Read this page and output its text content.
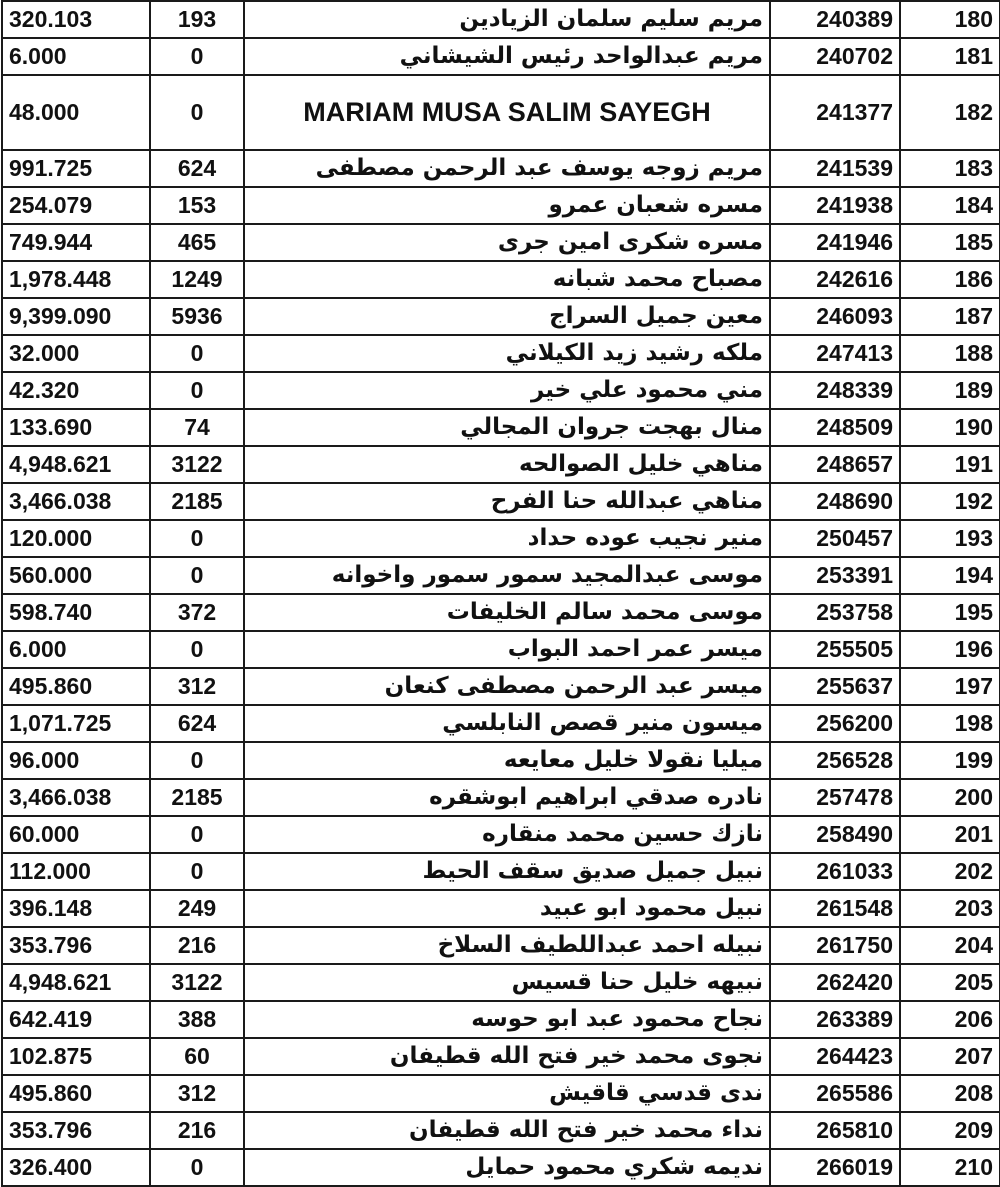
320.103	193	مريم سليم سلمان الزيادين	240389	180
6.000	0	مريم عبدالواحد رئيس الشيشاني	240702	181
48.000	0	MARIAM MUSA SALIM SAYEGH	241377	182
991.725	624	مريم زوجه يوسف عبد الرحمن مصطفى	241539	183
254.079	153	مسره شعبان عمرو	241938	184
749.944	465	مسره شكرى امين جرى	241946	185
1,978.448	1249	مصباح محمد شبانه	242616	186
9,399.090	5936	معين جميل السراج	246093	187
32.000	0	ملكه رشيد زيد الكيلاني	247413	188
42.320	0	مني محمود علي خير	248339	189
133.690	74	منال بهجت جروان المجالي	248509	190
4,948.621	3122	مناهي خليل الصوالحه	248657	191
3,466.038	2185	مناهي عبدالله حنا الفرح	248690	192
120.000	0	منير نجيب عوده حداد	250457	193
560.000	0	موسى عبدالمجيد سمور سمور واخوانه	253391	194
598.740	372	موسى محمد سالم الخليفات	253758	195
6.000	0	ميسر عمر احمد البواب	255505	196
495.860	312	ميسر عبد الرحمن مصطفى كنعان	255637	197
1,071.725	624	ميسون منير قصص النابلسي	256200	198
96.000	0	ميليا نقولا خليل معايعه	256528	199
3,466.038	2185	نادره صدقي ابراهيم ابوشقره	257478	200
60.000	0	نازك حسين محمد منقاره	258490	201
112.000	0	نبيل جميل صديق سقف الحيط	261033	202
396.148	249	نبيل محمود ابو عبيد	261548	203
353.796	216	نبيله احمد عبداللطيف السلاخ	261750	204
4,948.621	3122	نبيهه خليل حنا قسيس	262420	205
642.419	388	نجاح محمود عبد ابو حوسه	263389	206
102.875	60	نجوى محمد خير فتح الله قطيفان	264423	207
495.860	312	ندى قدسي قاقيش	265586	208
353.796	216	نداء محمد خير فتح الله قطيفان	265810	209
326.400	0	نديمه شكري محمود حمايل	266019	210
